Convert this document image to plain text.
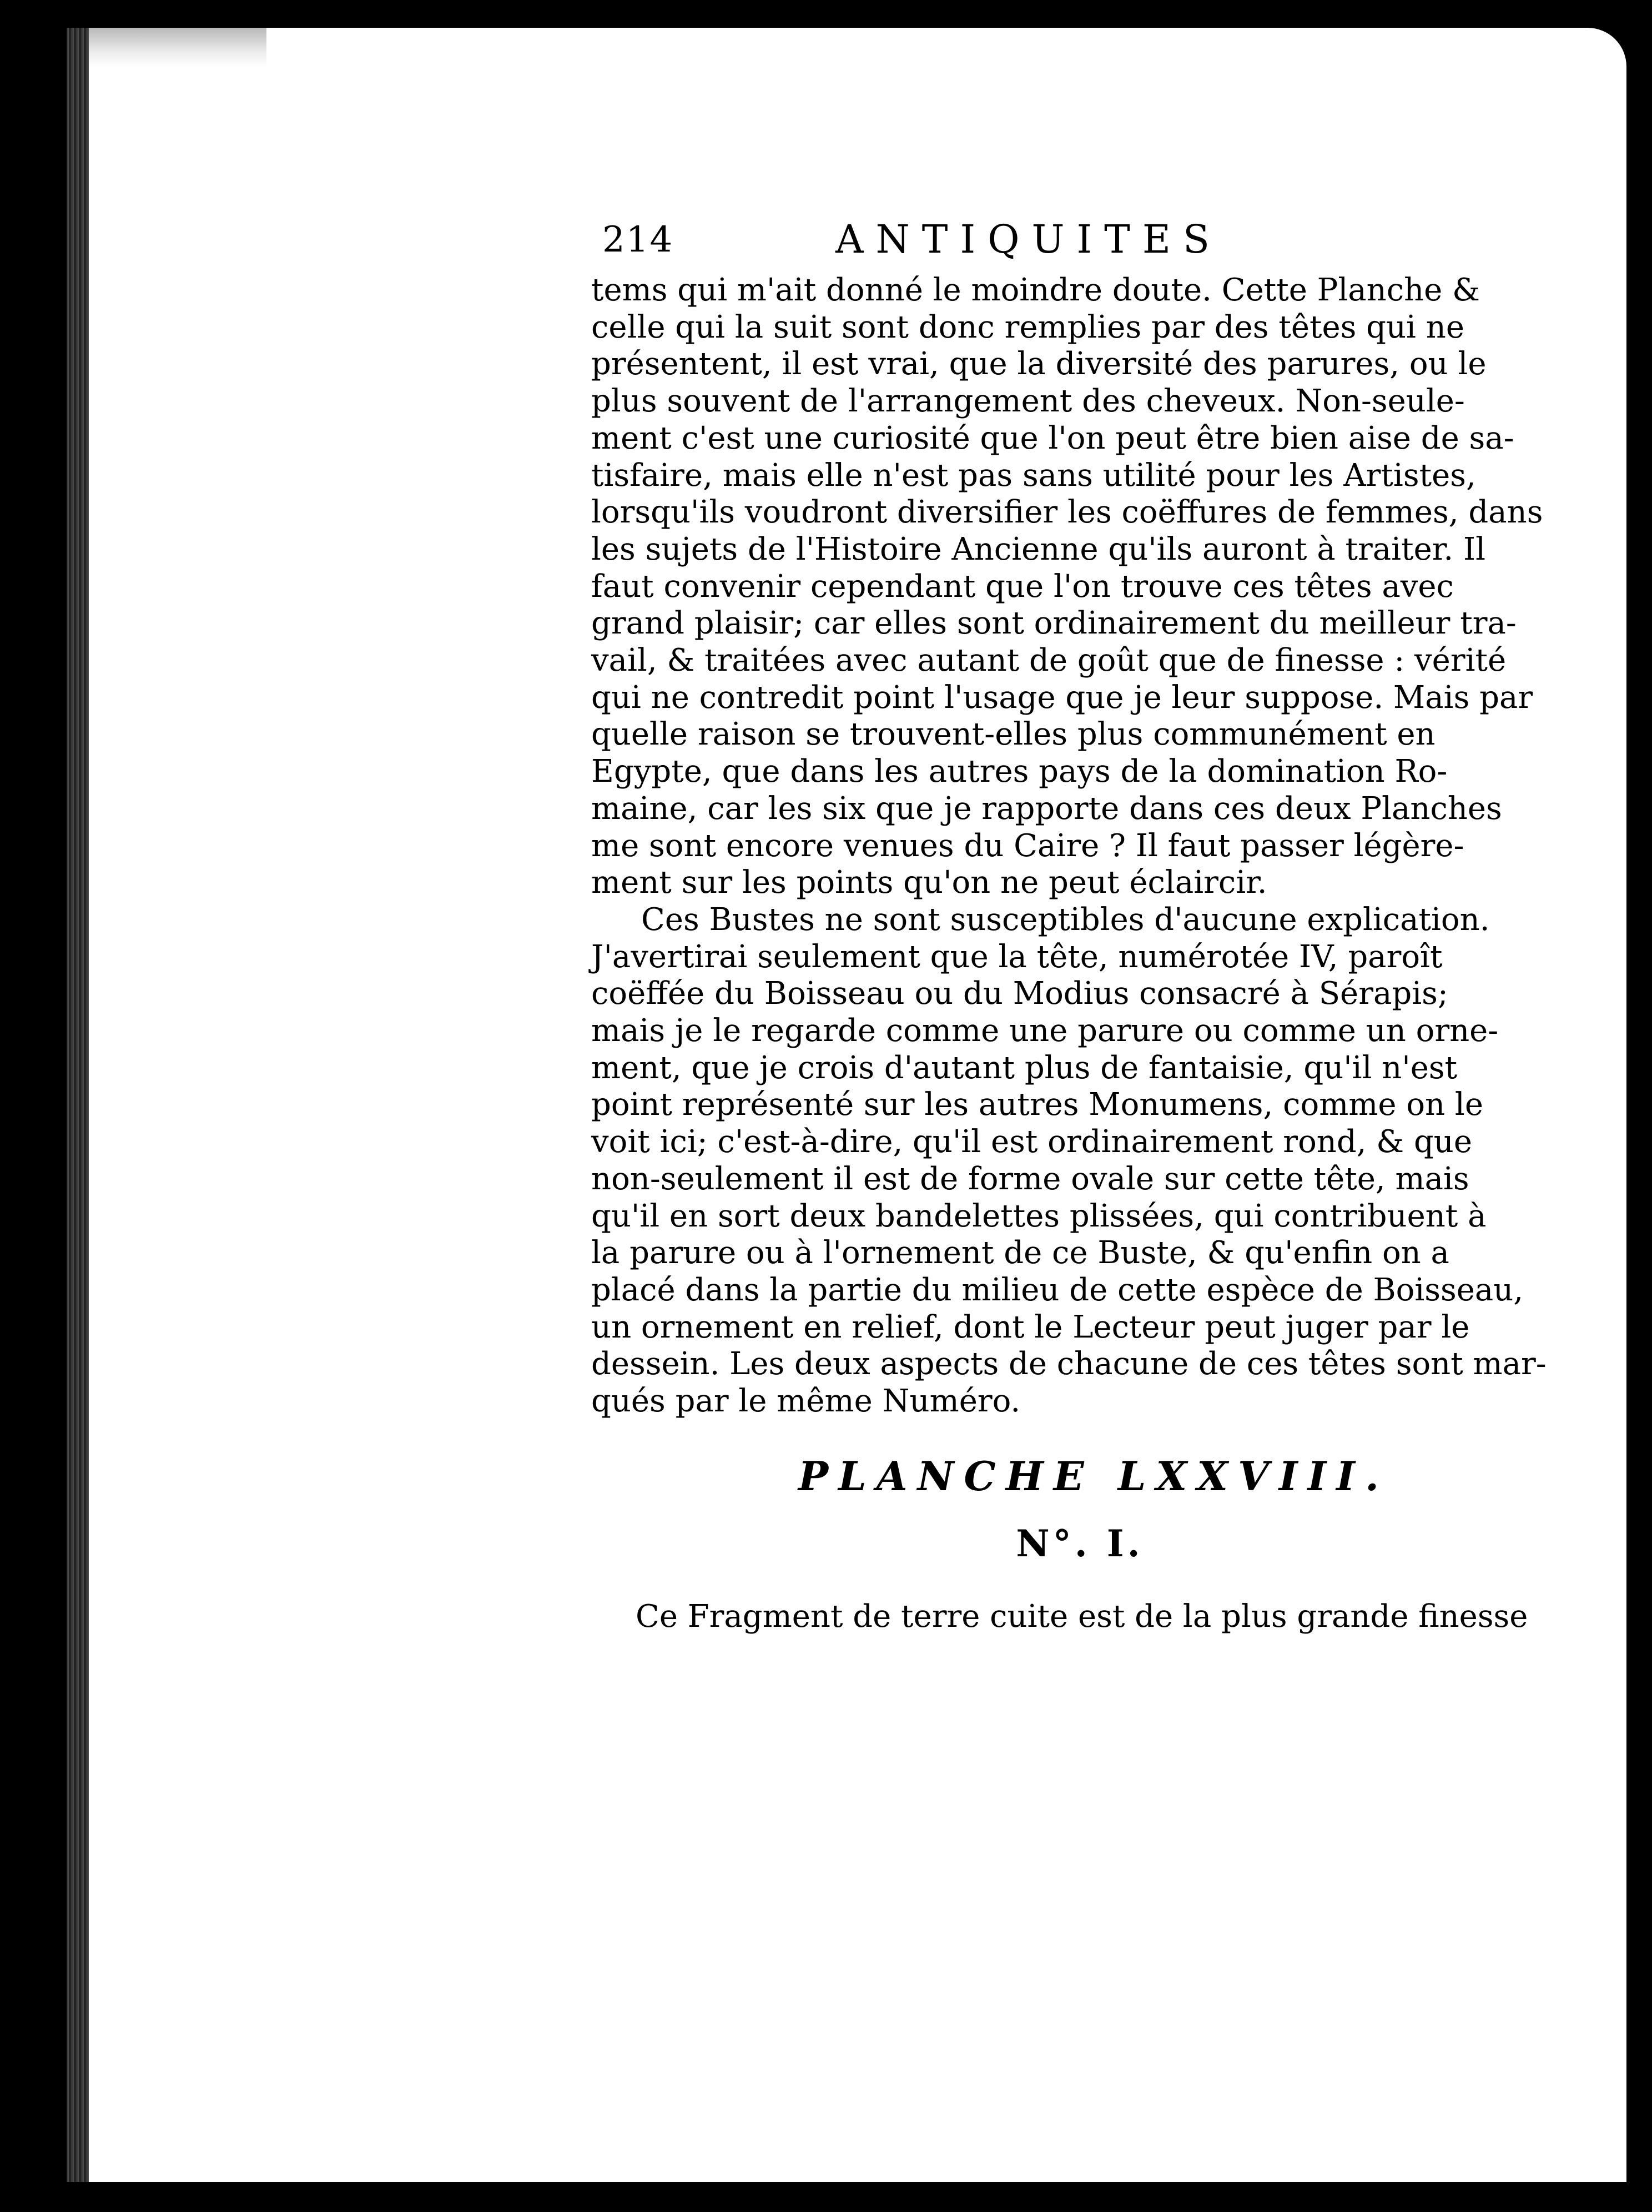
214	ANTIQUITES
tems qui m'ait donné le moindre doute. Cette Planche &
celle qui la suit sont donc remplies par des têtes qui ne
présentent, il est vrai, que la diversité des parures, ou le
plus souvent de l'arrangement des cheveux. Non-seule-
ment c'est une curiosité que l'on peut être bien aise de sa-
tisfaire, mais elle n'est pas sans utilité pour les Artistes,
lorsqu'ils voudront diversifier les coëffures de femmes, dans
les sujets de l'Histoire Ancienne qu'ils auront à traiter. Il
faut convenir cependant que l'on trouve ces têtes avec
grand plaisir; car elles sont ordinairement du meilleur tra-
vail, & traitées avec autant de goût que de finesse : vérité
qui ne contredit point l'usage que je leur suppose. Mais par
quelle raison se trouvent-elles plus communément en
Egypte, que dans les autres pays de la domination Ro-
maine, car les six que je rapporte dans ces deux Planches
me sont encore venues du Caire ? Il faut passer légère-
ment sur les points qu'on ne peut éclaircir.
Ces Bustes ne sont susceptibles d'aucune explication.
J'avertirai seulement que la tête, numérotée IV, paroît
coëffée du Boisseau ou du Modius consacré à Sérapis;
mais je le regarde comme une parure ou comme un orne-
ment, que je crois d'autant plus de fantaisie, qu'il n'est
point représenté sur les autres Monumens, comme on le
voit ici; c'est-à-dire, qu'il est ordinairement rond, & que
non-seulement il est de forme ovale sur cette tête, mais
qu'il en sort deux bandelettes plissées, qui contribuent à
la parure ou à l'ornement de ce Buste, & qu'enfin on a
placé dans la partie du milieu de cette espèce de Boisseau,
un ornement en relief, dont le Lecteur peut juger par le
dessein. Les deux aspects de chacune de ces têtes sont mar-
qués par le même Numéro.
PLANCHE LXXVIII.
N°. I.
Ce Fragment de terre cuite est de la plus grande finesse
